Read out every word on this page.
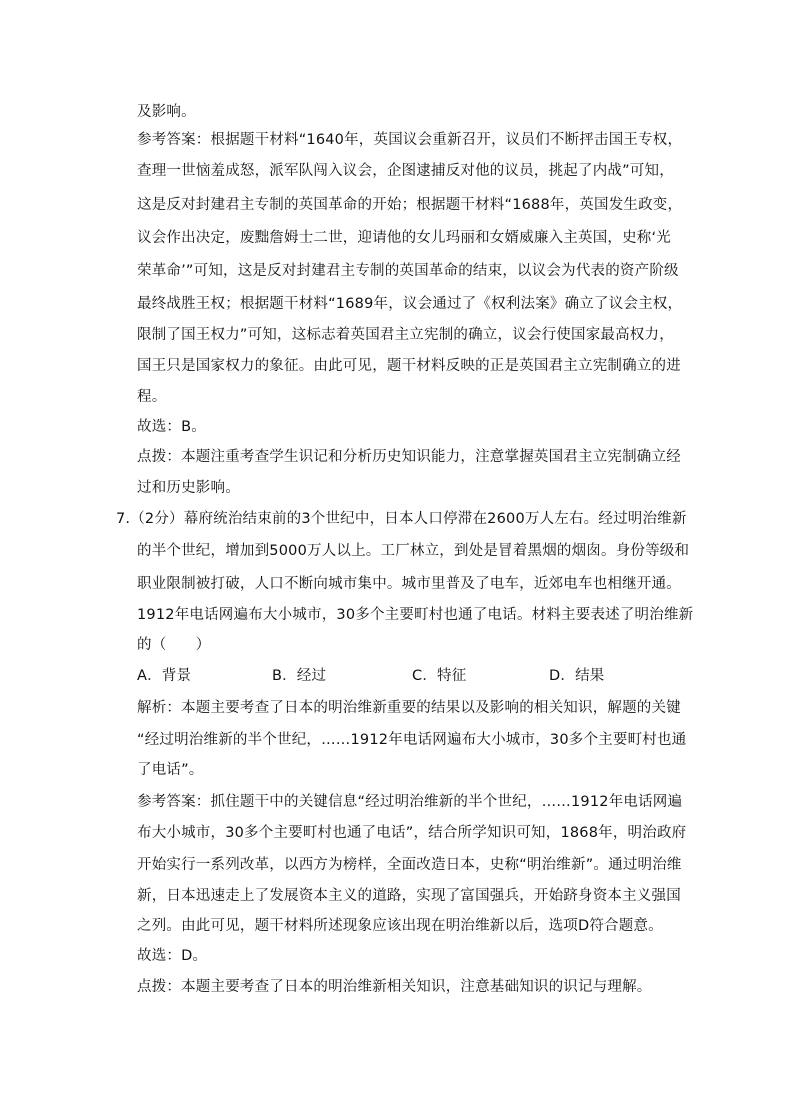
及影响。
参考答案：根据题干材料“1640年，英国议会重新召开，议员们不断抨击国王专权，
查理一世恼羞成怒，派军队闯入议会，企图逮捕反对他的议员，挑起了内战”可知，
这是反对封建君主专制的英国革命的开始；根据题干材料“1688年，英国发生政变，
议会作出决定，废黜詹姆士二世，迎请他的女儿玛丽和女婿威廉入主英国，史称‘光
荣革命’”可知，这是反对封建君主专制的英国革命的结束，以议会为代表的资产阶级
最终战胜王权；根据题干材料“1689年，议会通过了《权利法案》确立了议会主权，
限制了国王权力”可知，这标志着英国君主立宪制的确立，议会行使国家最高权力，
国王只是国家权力的象征。由此可见，题干材料反映的正是英国君主立宪制确立的进
程。
故选：B。
点拨：本题注重考查学生识记和分析历史知识能力，注意掌握英国君主立宪制确立经
过和历史影响。
7.（2分）幕府统治结束前的3个世纪中，日本人口停滞在2600万人左右。经过明治维新
的半个世纪，增加到5000万人以上。工厂林立，到处是冒着黑烟的烟囱。身份等级和
职业限制被打破，人口不断向城市集中。城市里普及了电车，近郊电车也相继开通。
1912年电话网遍布大小城市，30多个主要町村也通了电话。材料主要表述了明治维新
的（　　）
A．背景	B．经过	C．特征	D．结果
解析：本题主要考查了日本的明治维新重要的结果以及影响的相关知识，解题的关键
“经过明治维新的半个世纪，……1912年电话网遍布大小城市，30多个主要町村也通
了电话”。
参考答案：抓住题干中的关键信息“经过明治维新的半个世纪，……1912年电话网遍
布大小城市，30多个主要町村也通了电话”，结合所学知识可知，1868年，明治政府
开始实行一系列改革，以西方为榜样，全面改造日本，史称“明治维新”。通过明治维
新，日本迅速走上了发展资本主义的道路，实现了富国强兵，开始跻身资本主义强国
之列。由此可见，题干材料所述现象应该出现在明治维新以后，选项D符合题意。
故选：D。
点拨：本题主要考查了日本的明治维新相关知识，注意基础知识的识记与理解。
